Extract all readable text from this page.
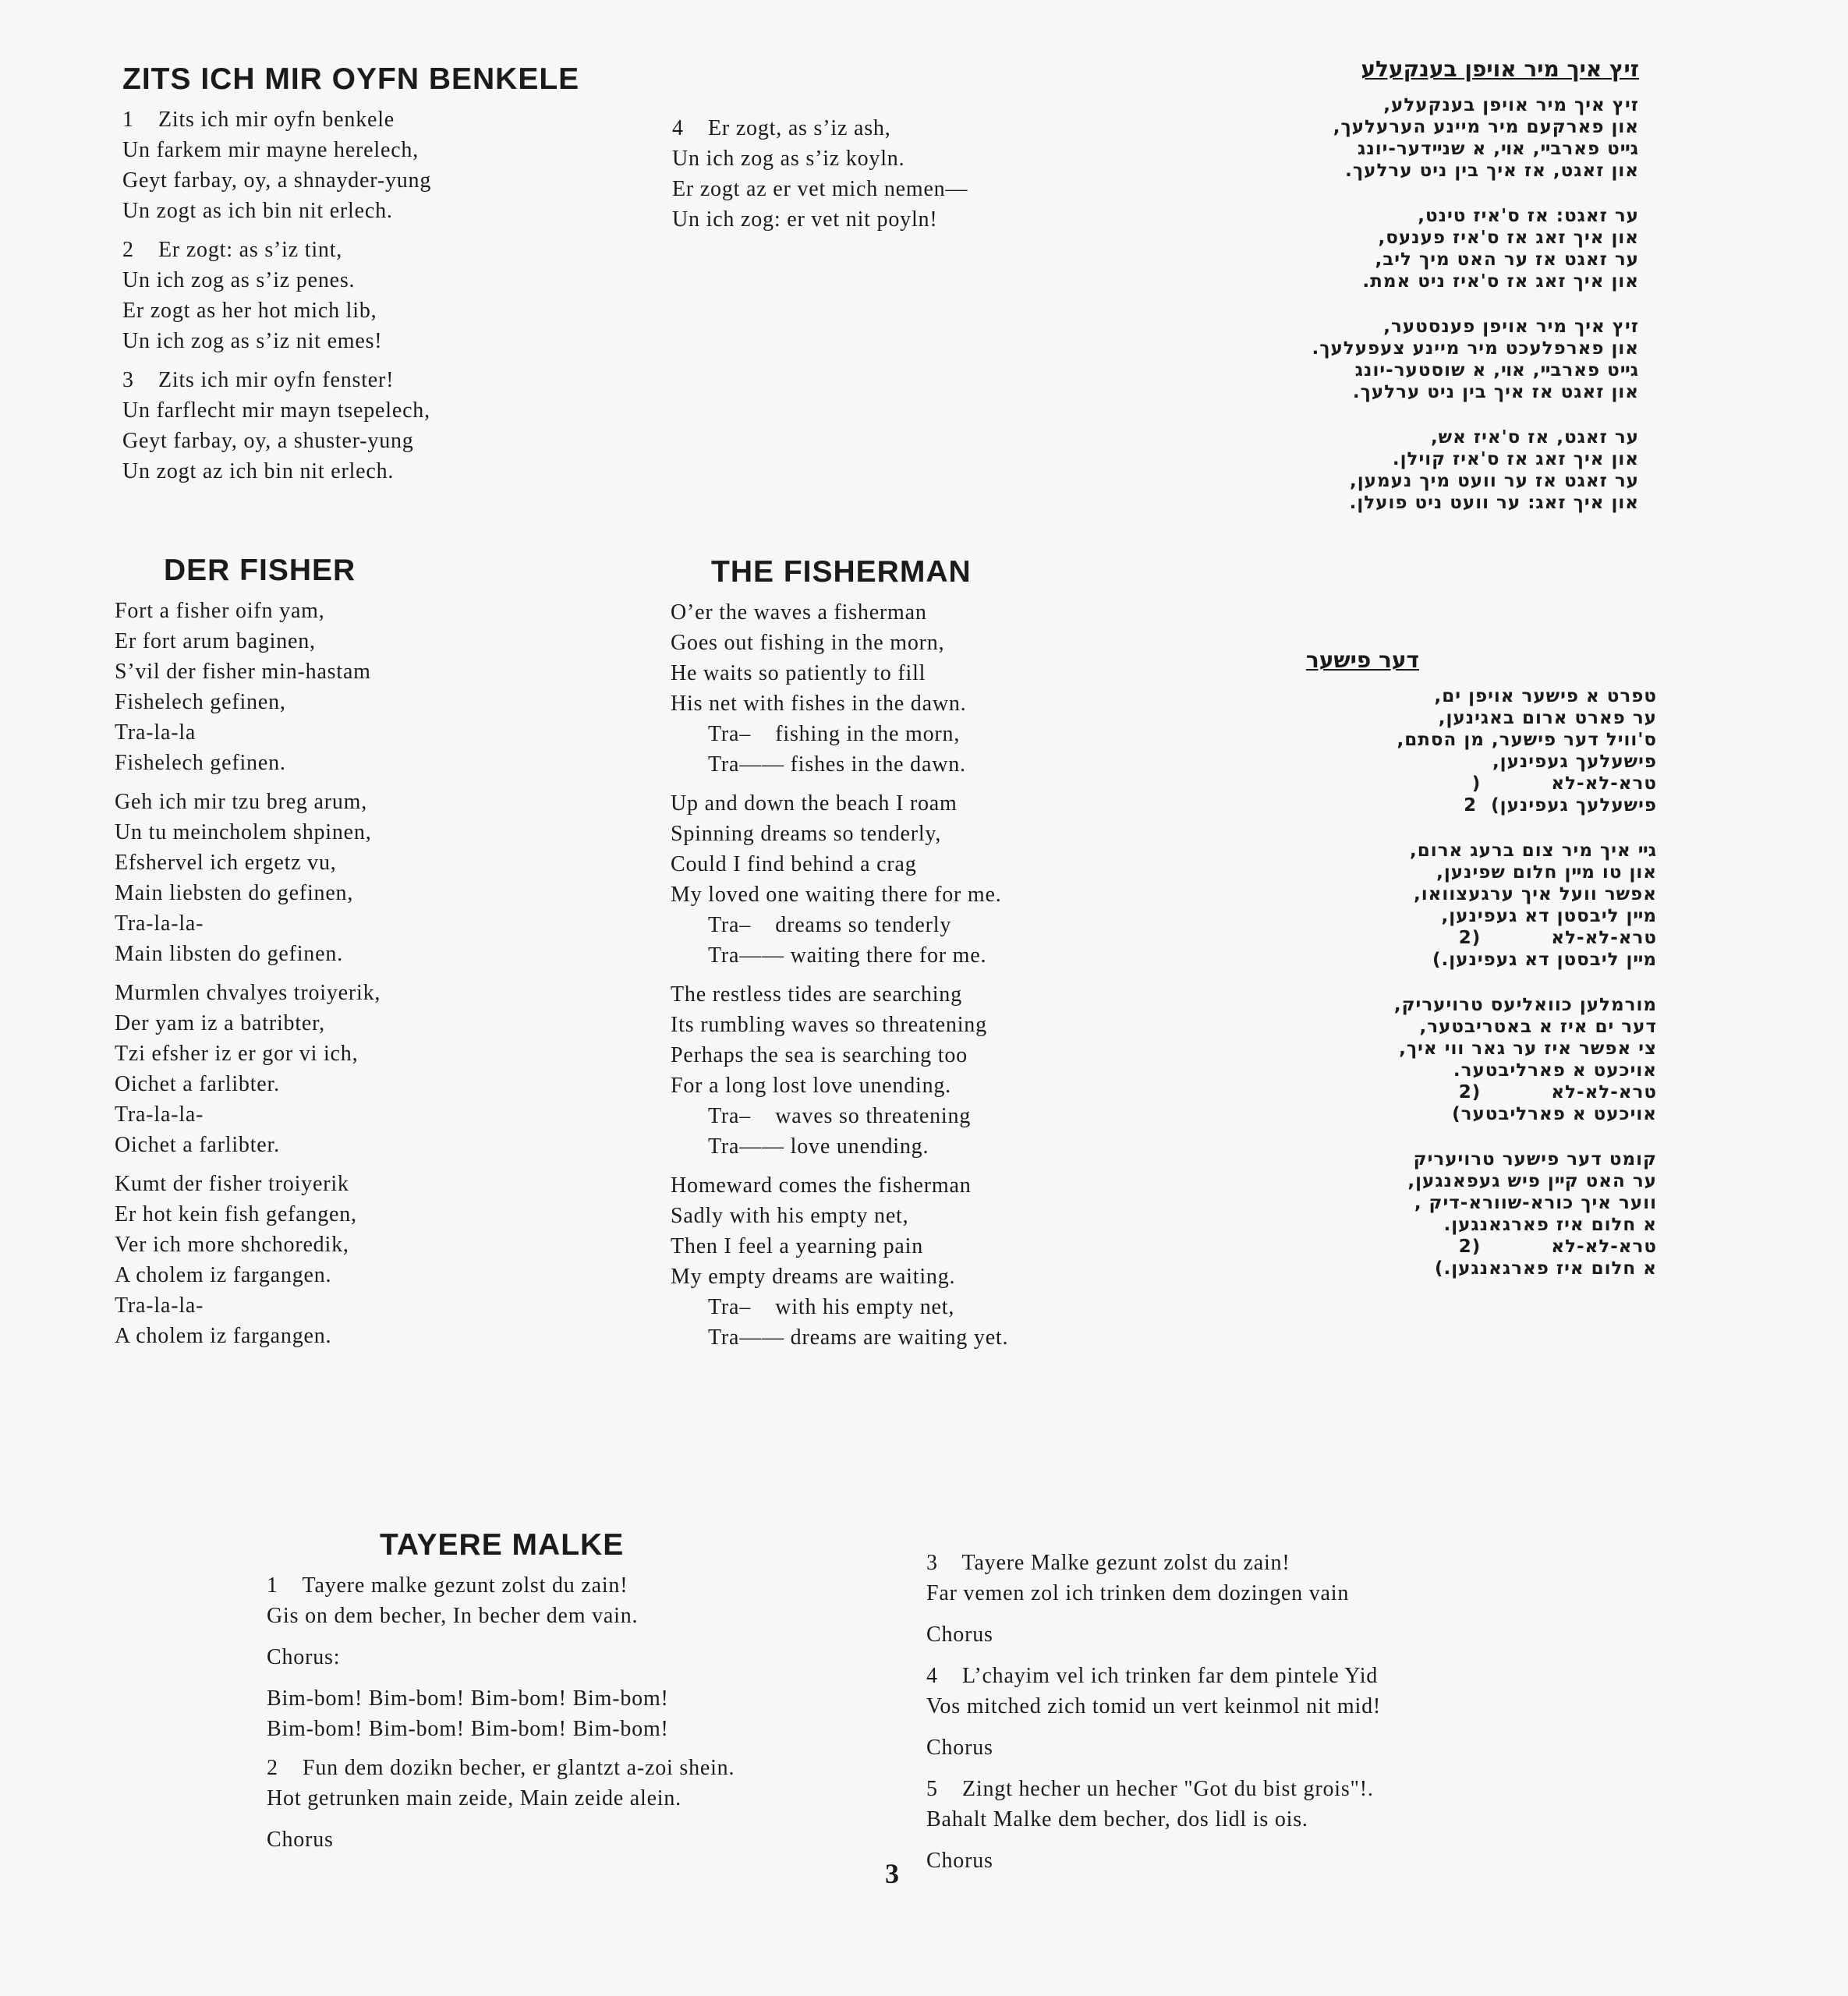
ZITS ICH MIR OYFN BENKELE
1    Zits ich mir oyfn benkele
Un farkem mir mayne herelech,
Geyt farbay, oy, a shnayder-yung
Un zogt as ich bin nit erlech.
2    Er zogt: as s’iz tint,
Un ich zog as s’iz penes.
Er zogt as her hot mich lib,
Un ich zog as s’iz nit emes!
3    Zits ich mir oyfn fenster!
Un farflecht mir mayn tsepelech,
Geyt farbay, oy, a shuster-yung
Un zogt az ich bin nit erlech.
4    Er zogt, as s’iz ash,
Un ich zog as s’iz koyln.
Er zogt az er vet mich nemen—
Un ich zog: er vet nit poyln!
זיץ איך מיר אויפן בענקעלע
זיץ איך מיר אויפן בענקעלע,
און פארקעם מיר מיינע הערעלעך,
גײט פארבײ, אױ, א שנײדער-יונג
און זאגט, אז איך בין ניט ערלעך.
ער זאגט: אז ס'איז טינט,
און איך זאג אז ס'איז פענעס,
ער זאגט אז ער האט מיך ליב,
און איך זאג אז ס'איז ניט אמת.
זיץ איך מיר אויפן פענסטער,
און פארפלעכט מיר מיינע צעפעלעך.
גײט פארבײ, אױ, א שוסטער-יונג
און זאגט אז איך בין ניט ערלעך.
ער זאגט, אז ס'איז אש,
און איך זאג אז ס'איז קוילן.
ער זאגט אז ער וועט מיך נעמען,
און איך זאג: ער וועט ניט פועלן.
DER FISHER
Fort a fisher oifn yam,
Er fort arum baginen,
S’vil der fisher min-hastam
Fishelech gefinen,
Tra-la-la
Fishelech gefinen.
Geh ich mir tzu breg arum,
Un tu meincholem shpinen,
Efshervel ich ergetz vu,
Main liebsten do gefinen,
Tra-la-la-
Main libsten do gefinen.
Murmlen chvalyes troiyerik,
Der yam iz a batribter,
Tzi efsher iz er gor vi ich,
Oichet a farlibter.
Tra-la-la-
Oichet a farlibter.
Kumt der fisher troiyerik
Er hot kein fish gefangen,
Ver ich more shchoredik,
A cholem iz fargangen.
Tra-la-la-
A cholem iz fargangen.
THE FISHERMAN
O’er the waves a fisherman
Goes out fishing in the morn,
He waits so patiently to fill
His net with fishes in the dawn.
Tra–    fishing in the morn,
Tra—— fishes in the dawn.
Up and down the beach I roam
Spinning dreams so tenderly,
Could I find behind a crag
My loved one waiting there for me.
Tra–    dreams so tenderly
Tra—— waiting there for me.
The restless tides are searching
Its rumbling waves so threatening
Perhaps the sea is searching too
For a long lost love unending.
Tra–    waves so threatening
Tra—— love unending.
Homeward comes the fisherman
Sadly with his empty net,
Then I feel a yearning pain
My empty dreams are waiting.
Tra–    with his empty net,
Tra—— dreams are waiting yet.
דער פישער
טפרט א פישער אויפן ים,
ער פארט ארום באגינען,
ס'וויל דער פישער, מן הסתם,
פישעלעך געפינען,
טרא-לא-לא          (
פישעלעך געפינען)  2
גײ איך מיר צום ברעג ארום,
און טו מײן חלום שפינען,
אפשר וועל איך ערגעצוואו,
מײן ליבסטן דא געפינען,
טרא-לא-לא          (2
מײן ליבסטן דא געפינען.)
מורמלען כוואליעס טרויעריק,
דער ים איז א באטריבטער,
צי אפשר איז ער גאר ווי איך,
אויכעט א פארליבטער.
טרא-לא-לא          (2
אויכעט א פארליבטער)
קומט דער פישער טרויעריק
ער האט קײן פיש געפאנגען,
ווער איך כורא-שוורא-דיק ,
א חלום איז פארגאנגען.
טרא-לא-לא          (2
א חלום איז פארגאנגען.)
TAYERE MALKE
1    Tayere malke gezunt zolst du zain!
Gis on dem becher, In becher dem vain.
Chorus:
Bim-bom! Bim-bom! Bim-bom! Bim-bom!
Bim-bom! Bim-bom! Bim-bom! Bim-bom!
2    Fun dem dozikn becher, er glantzt a-zoi shein.
Hot getrunken main zeide, Main zeide alein.
Chorus
3    Tayere Malke gezunt zolst du zain!
Far vemen zol ich trinken dem dozingen vain
Chorus
4    L’chayim vel ich trinken far dem pintele Yid
Vos mitched zich tomid un vert keinmol nit mid!
Chorus
5    Zingt hecher un hecher "Got du bist grois"!.
Bahalt Malke dem becher, dos lidl is ois.
Chorus
3
